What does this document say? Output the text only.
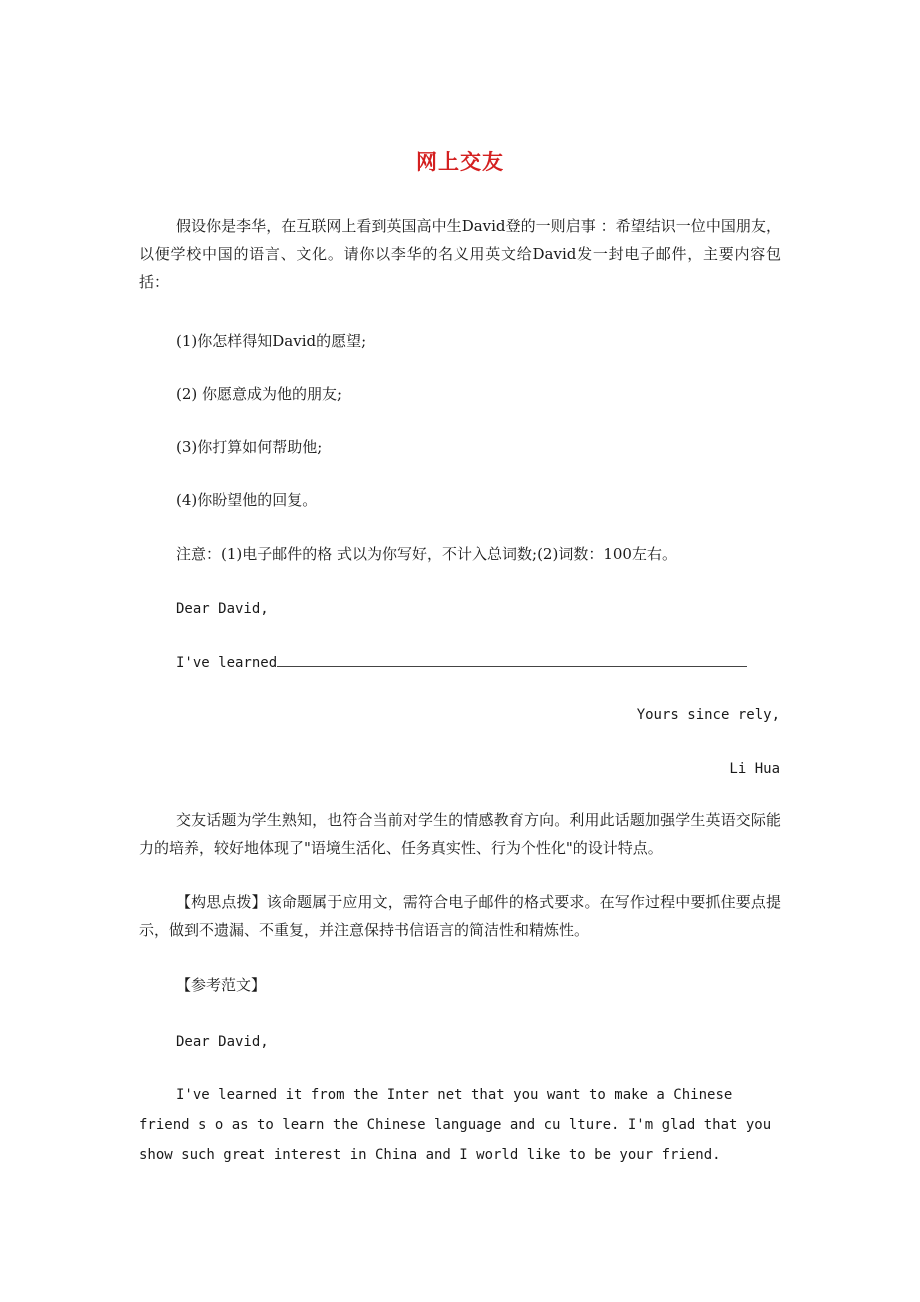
网上交友

假设你是李华，在互联网上看到英国高中生David登的一则启事 ：希望结识一位中国朋友，以便学校中国的语言、文化。请你以李华的名义用英文给David发一封电子邮件，主要内容包括：

(1)你怎样得知David的愿望;

(2) 你愿意成为他的朋友;

(3)你打算如何帮助他;

(4)你盼望他的回复。

注意：(1)电子邮件的格 式以为你写好，不计入总词数;(2)词数：100左右。

Dear David,

I've learned

Yours since rely,

Li Hua

交友话题为学生熟知，也符合当前对学生的情感教育方向。利用此话题加强学生英语交际能力的培养，较好地体现了"语境生活化、任务真实性、行为个性化"的设计特点。

【构思点拨】该命题属于应用文，需符合电子邮件的格式要求。在写作过程中要抓住要点提示，做到不遗漏、不重复，并注意保持书信语言的简洁性和精炼性。

【参考范文】

Dear David,

I've learned it from the Inter net that you want to make a Chinese friend s o as to learn the Chinese language and cu lture. I'm glad that you show such great interest in China and I world like to be your friend.
